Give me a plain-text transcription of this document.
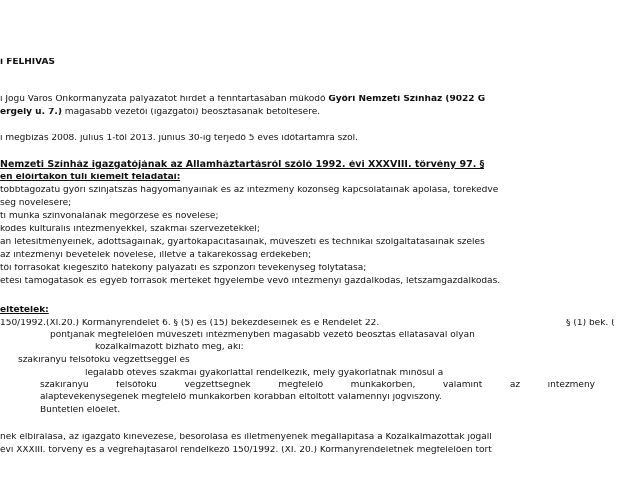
i FELHÍVÁS
i Jogú Város Önkormányzata pályázatot hirdet a fenntartásában működő Győri Nemzeti Színház (9022 G
ergely u. 7.) magasabb vezetői (igazgatói) beosztásának betöltésére.
i megbízás 2008. július 1-től 2013. június 30-ig terjedő 5 éves időtartamra szól.
Nemzeti Színház igazgatójának az Államháztartásról szóló 1992. évi XXXVIII. törvény 97. §
en előírtakon túli kiemelt feladatai:
többtagozatú győri színjátszás hagyományainak és az intézmény közönség kapcsolatainak ápolása, törekedve
ség növelésére;
ti munka színvonalának megőrzése és növelése;
ködés kulturális intézményekkel, szakmai szervezetekkel;
an létesítményeinek, adottságainak, gyártókapacitásainak, művészeti és technikai szolgáltatásainak széles
az intézményi bevételek növelése, illetve a takarékosság érdekében;
tői forrásokat kiegészítő hatékony pályázati és szponzori tevékenység folytatása;
etési támogatások és egyéb források mértékét figyelembe vevő intézményi gazdálkodás, létszámgazdálkodás.
eltételek:
150/1992.(XI.20.) Kormányrendelet 6. § (5) és (15) bekezdéseinek és e Rendelet 22.	§ (1) bek. (
pontjának megfelelően művészeti intézményben magasabb vezető beosztás ellátásával olyan
közalkalmazott bízható meg, aki:
szakirányú felsőfokú végzettséggel és
legalább ötéves szakmai gyakorlattal rendelkezik, mely gyakorlatnak minősül a
szakirányú felsőfokú végzettségnek megfelelő munkakörben, valamint az intézmény
alaptevékenységének megfelelő munkakörben korábban eltöltött valamennyi jogviszony.
Büntetlen előélet.
nek elbírálása, az igazgató kinevezése, besorolása és illetményének megállapítása a Közalkalmazottak jogáll
évi XXXIII. törvény és a végrehajtásáról rendelkező 150/1992. (XI. 20.) Kormányrendeletnek megfelelően tört
